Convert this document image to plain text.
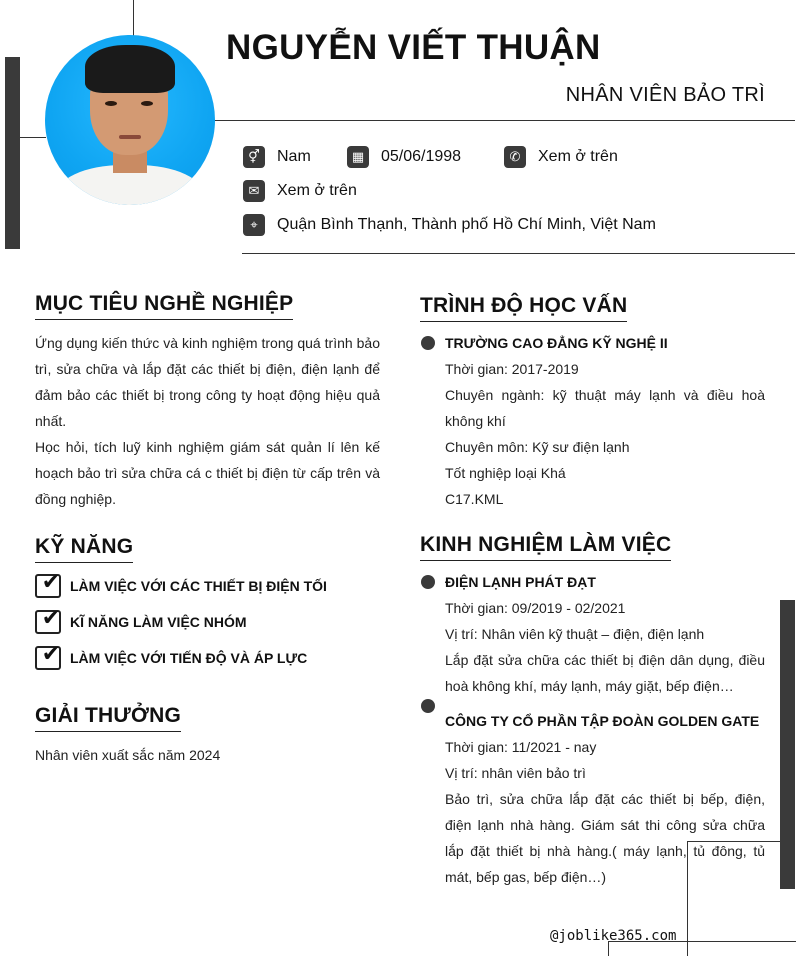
NGUYỄN VIẾT THUẬN
NHÂN VIÊN BẢO TRÌ
⚥	Nam	▦	05/06/1998	✆	Xem ở trên
✉	Xem ở trên
⌖	Quận Bình Thạnh, Thành phố Hồ Chí Minh, Việt Nam
MỤC TIÊU NGHỀ NGHIỆP
Ứng dụng kiến thức và kinh nghiệm trong quá trình bảo trì, sửa chữa và lắp đặt các thiết bị điện, điện lạnh để đảm bảo các thiết bị trong công ty hoạt động hiệu quả nhất.
Học hỏi, tích luỹ kinh nghiệm giám sát quản lí lên kế hoạch bảo trì sửa chữa cá c thiết bị điện từ cấp trên và đồng nghiệp.
KỸ NĂNG
✔ LÀM VIỆC VỚI CÁC THIẾT BỊ ĐIỆN TỐI
✔ KĨ NĂNG LÀM VIỆC NHÓM
✔ LÀM VIỆC VỚI TIẾN ĐỘ VÀ ÁP LỰC
GIẢI THƯỞNG
Nhân viên xuất sắc năm 2024
TRÌNH ĐỘ HỌC VẤN
TRƯỜNG CAO ĐẲNG KỸ NGHỆ II
Thời gian: 2017-2019
Chuyên ngành: kỹ thuật máy lạnh và điều hoà không khí
Chuyên môn: Kỹ sư điện lạnh
Tốt nghiệp loại Khá
C17.KML
KINH NGHIỆM LÀM VIỆC
ĐIỆN LẠNH PHÁT ĐẠT
Thời gian: 09/2019 - 02/2021
Vị trí: Nhân viên kỹ thuật – điện, điện lạnh
Lắp đặt sửa chữa các thiết bị điện dân dụng, điều hoà không khí, máy lạnh, máy giặt, bếp điện…
CÔNG TY CỔ PHẦN TẬP ĐOÀN GOLDEN GATE
Thời gian: 11/2021 - nay
Vị trí: nhân viên bảo trì
Bảo trì, sửa chữa lắp đặt các thiết bị bếp, điện, điện lạnh nhà hàng. Giám sát thi công sửa chữa lắp đặt thiết bị nhà hàng.( máy lạnh, tủ đông, tủ mát, bếp gas, bếp điện…)
@joblike365.com
